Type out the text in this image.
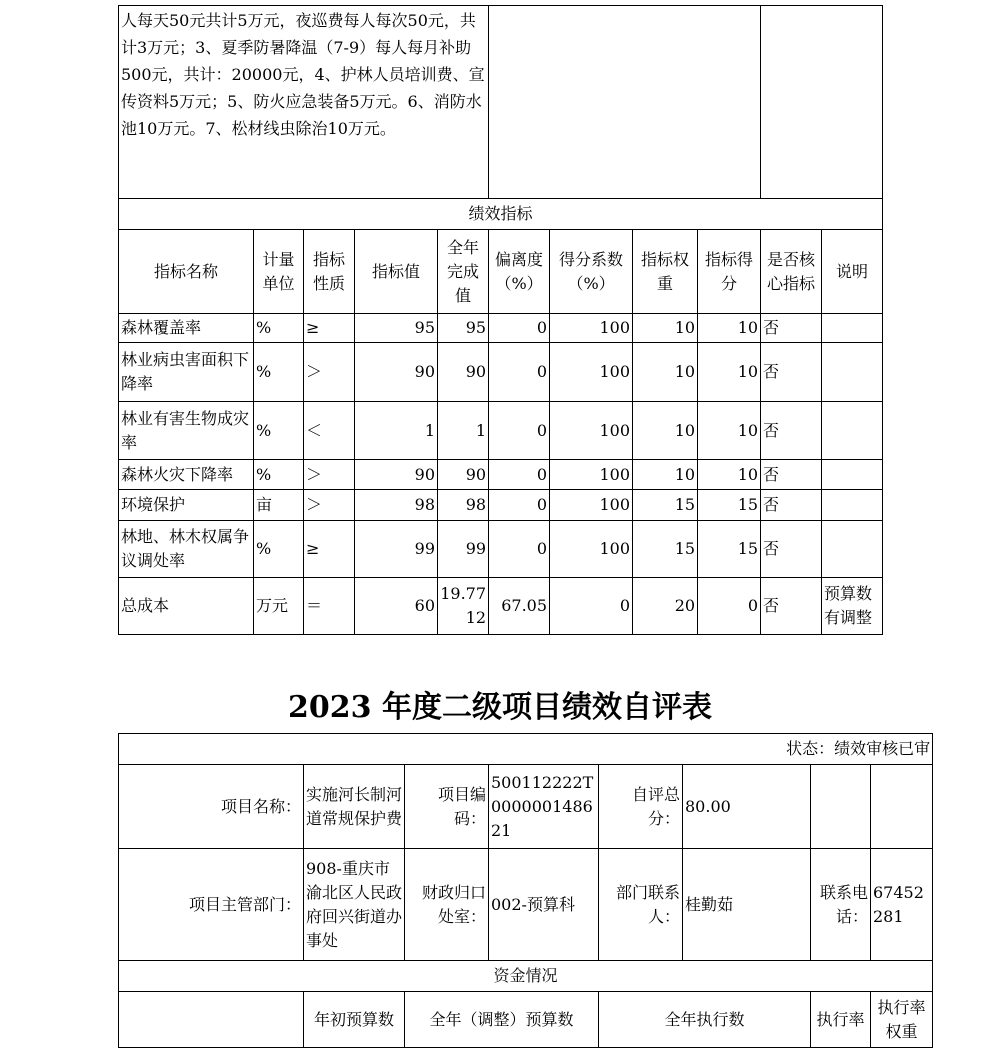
人每天50元共计5万元，夜巡费每人每次50元，共计3万元；3、夏季防暑降温（7-9）每人每月补助500元，共计：20000元，4、护林人员培训费、宣传资料5万元；5、防火应急装备5万元。6、消防水池10万元。7、松材线虫除治10万元。										
绩效指标										
指标名称	计量单位	指标性质	指标值	全年完成值	偏离度（%）	得分系数（%）	指标权重	指标得分	是否核心指标	说明
森林覆盖率	%	≥	95	95	0	100	10	10	否	
林业病虫害面积下降率	%	＞	90	90	0	100	10	10	否	
林业有害生物成灾率	%	＜	1	1	0	100	10	10	否	
森林火灾下降率	%	＞	90	90	0	100	10	10	否	
环境保护	亩	＞	98	98	0	100	15	15	否	
林地、林木权属争议调处率	%	≥	99	99	0	100	15	15	否	
总成本	万元	＝	60	19.7712	67.05	0	20	0	否	预算数有调整
2023 年度二级项目绩效自评表
状态：绩效审核已审							
项目名称：	实施河长制河道常规保护费	项目编码：	500112222T000000148621	自评总分：	80.00		
项目主管部门：	908-重庆市渝北区人民政府回兴街道办事处	财政归口处室：	002-预算科	部门联系人：	桂勤茹	联系电话：	67452281
资金情况							
	年初预算数	全年（调整）预算数		全年执行数		执行率	执行率权重
